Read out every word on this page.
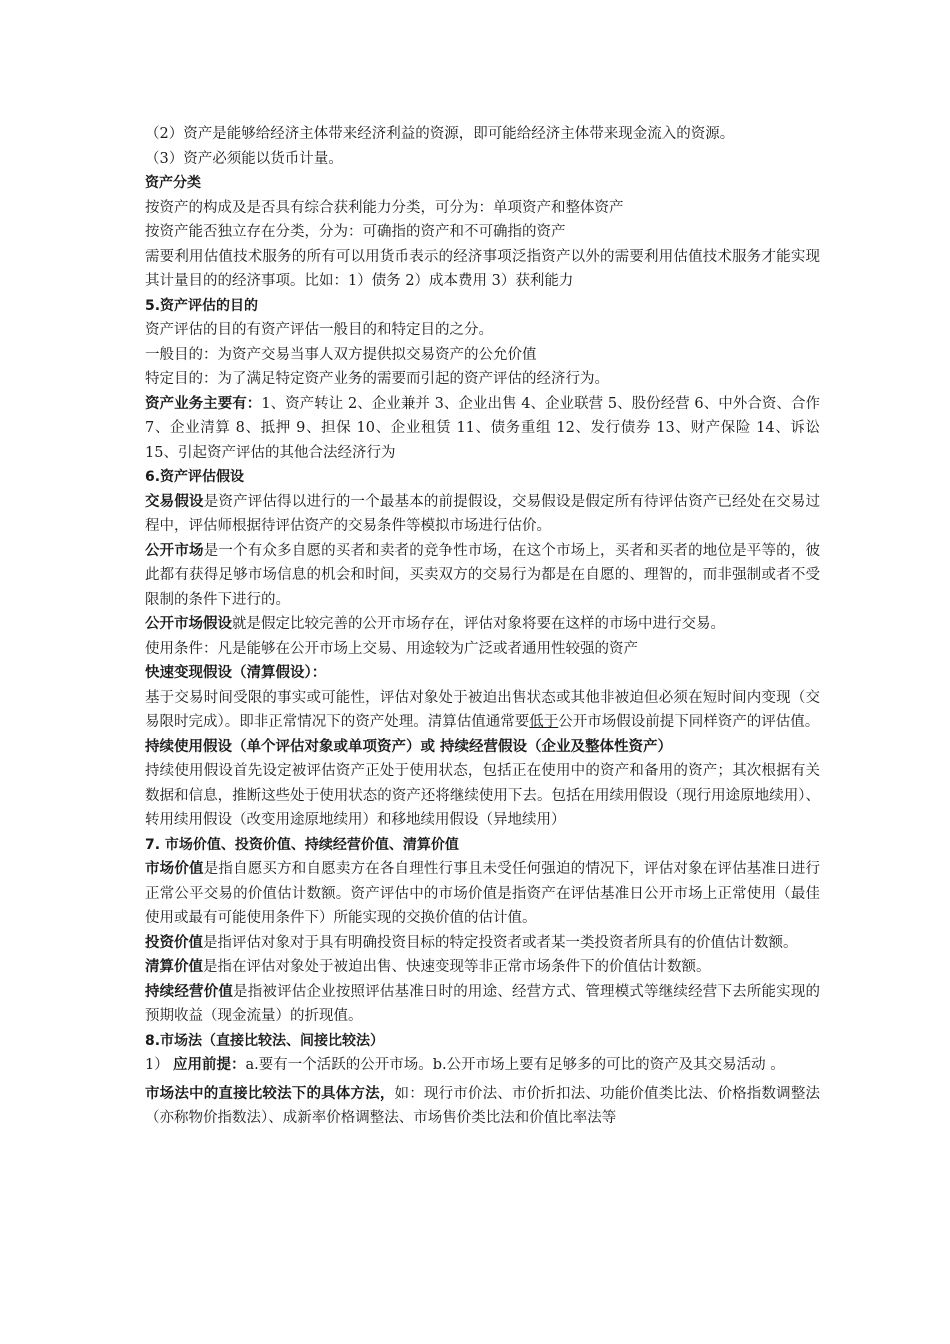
（2）资产是能够给经济主体带来经济利益的资源，即可能给经济主体带来现金流入的资源。

（3）资产必须能以货币计量。

资产分类

按资产的构成及是否具有综合获利能力分类，可分为：单项资产和整体资产

按资产能否独立存在分类，分为：可确指的资产和不可确指的资产

需要利用估值技术服务的所有可以用货币表示的经济事项泛指资产以外的需要利用估值技术服务才能实现其计量目的的经济事项。比如：1）债务 2）成本费用 3）获利能力

5.资产评估的目的

资产评估的目的有资产评估一般目的和特定目的之分。

一般目的：为资产交易当事人双方提供拟交易资产的公允价值

特定目的：为了满足特定资产业务的需要而引起的资产评估的经济行为。

资产业务主要有：1、资产转让 2、企业兼并 3、企业出售 4、企业联营 5、股份经营 6、中外合资、合作 7、企业清算 8、抵押 9、担保 10、企业租赁 11、债务重组 12、发行债券 13、财产保险 14、诉讼 15、引起资产评估的其他合法经济行为

6.资产评估假设

交易假设是资产评估得以进行的一个最基本的前提假设，交易假设是假定所有待评估资产已经处在交易过程中，评估师根据待评估资产的交易条件等模拟市场进行估价。

公开市场是一个有众多自愿的买者和卖者的竞争性市场，在这个市场上，买者和买者的地位是平等的，彼此都有获得足够市场信息的机会和时间，买卖双方的交易行为都是在自愿的、理智的，而非强制或者不受限制的条件下进行的。

公开市场假设就是假定比较完善的公开市场存在，评估对象将要在这样的市场中进行交易。

使用条件：凡是能够在公开市场上交易、用途较为广泛或者通用性较强的资产

快速变现假设（清算假设）：

基于交易时间受限的事实或可能性，评估对象处于被迫出售状态或其他非被迫但必须在短时间内变现（交易限时完成）。即非正常情况下的资产处理。清算估值通常要低于公开市场假设前提下同样资产的评估值。

持续使用假设（单个评估对象或单项资产）或 持续经营假设（企业及整体性资产）

持续使用假设首先设定被评估资产正处于使用状态，包括正在使用中的资产和备用的资产；其次根据有关数据和信息，推断这些处于使用状态的资产还将继续使用下去。包括在用续用假设（现行用途原地续用）、转用续用假设（改变用途原地续用）和移地续用假设（异地续用）

7. 市场价值、投资价值、持续经营价值、清算价值

市场价值是指自愿买方和自愿卖方在各自理性行事且未受任何强迫的情况下，评估对象在评估基准日进行正常公平交易的价值估计数额。资产评估中的市场价值是指资产在评估基准日公开市场上正常使用（最佳使用或最有可能使用条件下）所能实现的交换价值的估计值。

投资价值是指评估对象对于具有明确投资目标的特定投资者或者某一类投资者所具有的价值估计数额。

清算价值是指在评估对象处于被迫出售、快速变现等非正常市场条件下的价值估计数额。

持续经营价值是指被评估企业按照评估基准日时的用途、经营方式、管理模式等继续经营下去所能实现的预期收益（现金流量）的折现值。

8.市场法（直接比较法、间接比较法）

1） 应用前提：a.要有一个活跃的公开市场。b.公开市场上要有足够多的可比的资产及其交易活动 。

市场法中的直接比较法下的具体方法，如：现行市价法、市价折扣法、功能价值类比法、价格指数调整法（亦称物价指数法）、成新率价格调整法、市场售价类比法和价值比率法等
